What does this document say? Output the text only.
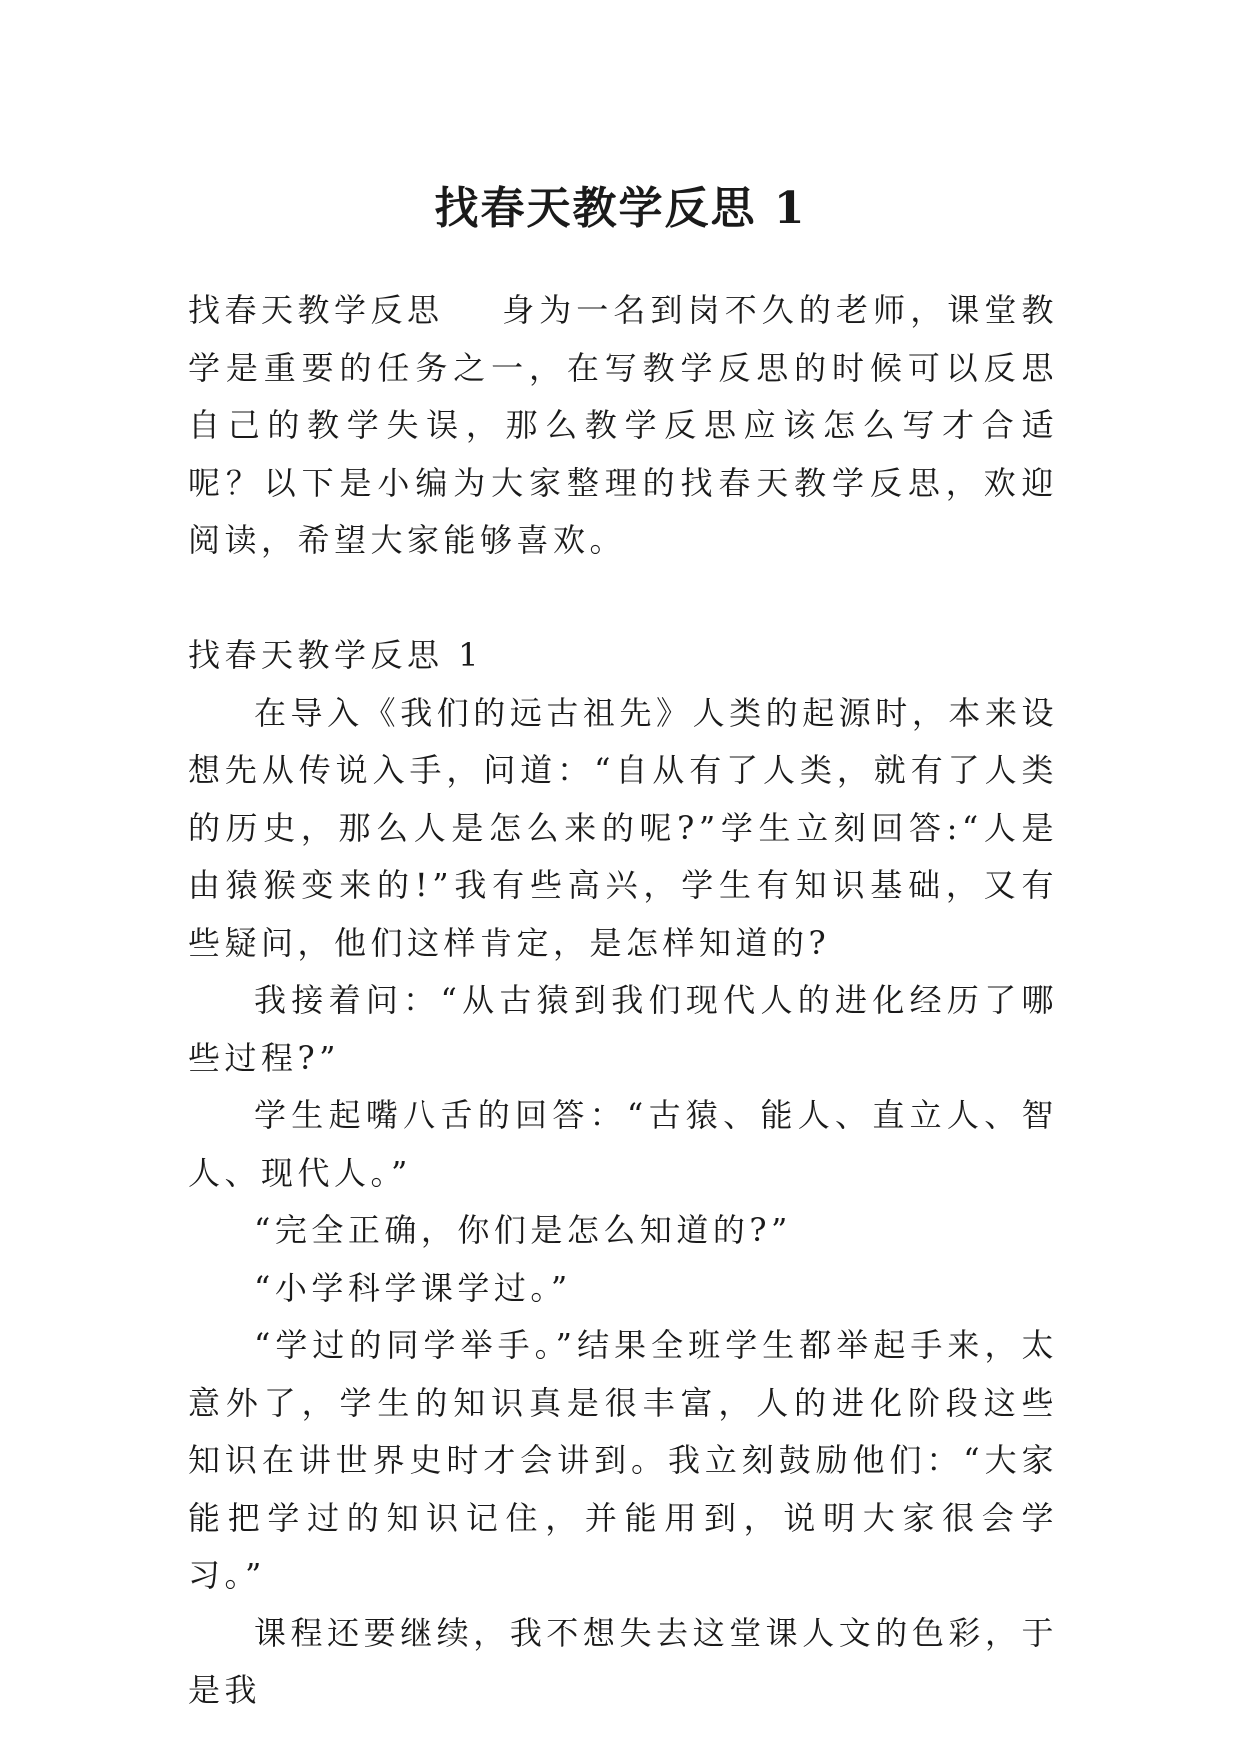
找春天教学反思 1

找春天教学反思 身为一名到岗不久的老师，课堂教学是重要的任务之一，在写教学反思的时候可以反思自己的教学失误，那么教学反思应该怎么写才合适呢？以下是小编为大家整理的找春天教学反思，欢迎阅读，希望大家能够喜欢。

找春天教学反思 1

在导入《我们的远古祖先》人类的起源时，本来设想先从传说入手，问道：“自从有了人类，就有了人类的历史，那么人是怎么来的呢?”学生立刻回答:“人是由猿猴变来的!”我有些高兴，学生有知识基础，又有些疑问，他们这样肯定，是怎样知道的?

我接着问：“从古猿到我们现代人的进化经历了哪些过程?”

学生起嘴八舌的回答：“古猿、能人、直立人、智人、现代人。”

“完全正确，你们是怎么知道的?”

“小学科学课学过。”

“学过的同学举手。”结果全班学生都举起手来，太意外了，学生的知识真是很丰富，人的进化阶段这些知识在讲世界史时才会讲到。我立刻鼓励他们：“大家能把学过的知识记住，并能用到，说明大家很会学习。”

课程还要继续，我不想失去这堂课人文的色彩，于是我
